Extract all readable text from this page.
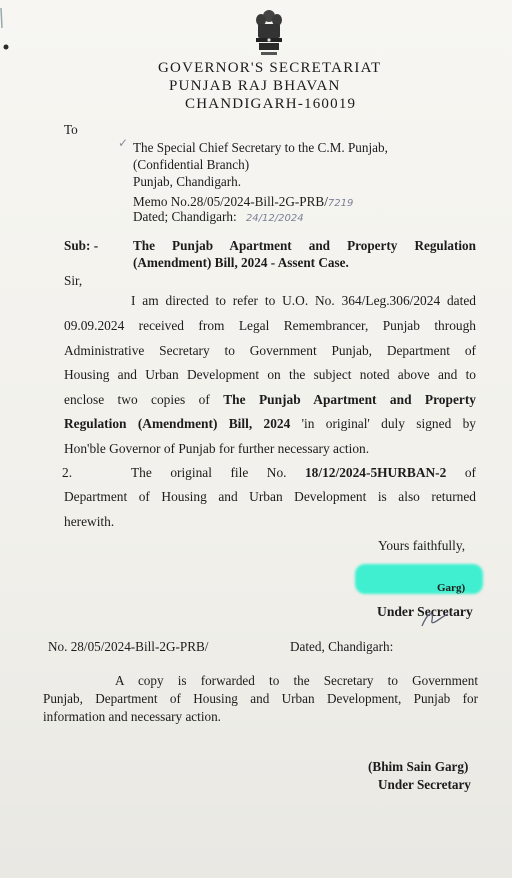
GOVERNOR'S SECRETARIAT
PUNJAB RAJ BHAVAN
CHANDIGARH-160019
To
✓ The Special Chief Secretary to the C.M. Punjab,
(Confidential Branch)
Punjab, Chandigarh.
Memo No.28/05/2024-Bill-2G-PRB/7219
Dated; Chandigarh: 24/12/2024
Sub: -	The Punjab Apartment and Property Regulation
(Amendment) Bill, 2024 - Assent Case.
Sir,
I am directed to refer to U.O. No. 364/Leg.306/2024 dated
09.09.2024 received from Legal Remembrancer, Punjab through
Administrative Secretary to Government Punjab, Department of
Housing and Urban Development on the subject noted above and to
enclose two copies of The Punjab Apartment and Property
Regulation (Amendment) Bill, 2024 'in original' duly signed by
Hon'ble Governor of Punjab for further necessary action.
2.	The original file No. 18/12/2024-5HURBAN-2 of
Department of Housing and Urban Development is also returned
herewith.
Yours faithfully,
Garg)
Under Secretary
No. 28/05/2024-Bill-2G-PRB/	Dated, Chandigarh:
A copy is forwarded to the Secretary to Government
Punjab, Department of Housing and Urban Development, Punjab for
information and necessary action.
(Bhim Sain Garg)
Under Secretary
